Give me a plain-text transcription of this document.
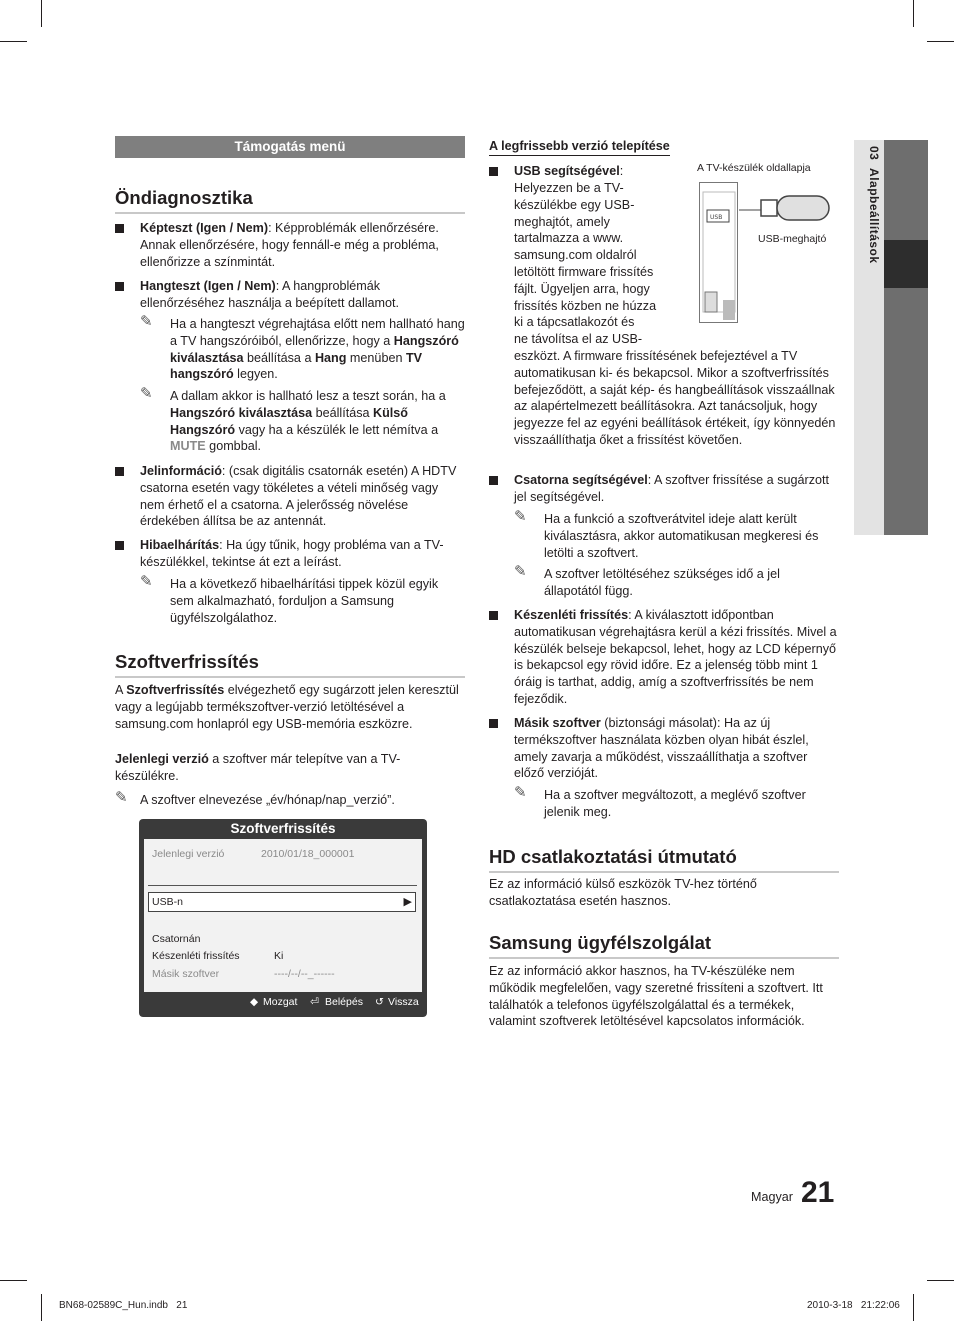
Támogatás menü
Öndiagnosztika
Képteszt (Igen / Nem): Képproblémák ellenőrzésére. Annak ellenőrzésére, hogy fennáll-e még a probléma, ellenőrizze a színmintát.
Hangteszt (Igen / Nem): A hangproblémák ellenőrzéséhez használja a beépített dallamot.
✎ Ha a hangteszt végrehajtása előtt nem hallható hang a TV hangszóróiból, ellenőrizze, hogy a Hangszóró kiválasztása beállítása a Hang menüben TV hangszóró legyen.
✎ A dallam akkor is hallható lesz a teszt során, ha a Hangszóró kiválasztása beállítása Külső Hangszóró vagy ha a készülék le lett némítva a MUTE gombbal.
Jelinformáció: (csak digitális csatornák esetén) A HDTV csatorna esetén vagy tökéletes a vételi minőség vagy nem érhető el a csatorna. A jelerősség növelése érdekében állítsa be az antennát.
Hibaelhárítás: Ha úgy tűnik, hogy probléma van a TV-készülékkel, tekintse át ezt a leírást.
✎ Ha a következő hibaelhárítási tippek közül egyik sem alkalmazható, forduljon a Samsung ügyfélszolgálathoz.
Szoftverfrissítés
A Szoftverfrissítés elvégezhető egy sugárzott jelen keresztül vagy a legújabb termékszoftver-verzió letöltésével a samsung.com honlapról egy USB-memória eszközre.
Jelenlegi verzió a szoftver már telepítve van a TV-készülékre.
✎ A szoftver elnevezése „év/hónap/nap_verzió”.
Szoftverfrissítés
Jelenlegi verzió	2010/01/18_000001
USB-n	▶
Csatornán
Készenléti frissítés	Ki
Másik szoftver	----/--/--_------
◆ Mozgat ⏎ Belépés ↺ Vissza
A legfrissebb verzió telepítése
USB segítségével:
Helyezzen be a TV-
készülékbe egy USB-
meghajtót, amely
tartalmazza a www.
samsung.com oldalról
letöltött firmware frissítés
fájlt. Ügyeljen arra, hogy
frissítés közben ne húzza
ki a tápcsatlakozót és
ne távolítsa el az USB-
eszközt. A firmware frissítésének befejeztével a TV automatikusan ki- és bekapcsol. Mikor a szoftverfrissítés befejeződött, a saját kép- és hangbeállítások visszaállnak az alapértelmezett beállításokra. Azt tanácsoljuk, hogy jegyezze fel az egyéni beállítások értékeit, így könnyedén visszaállíthatja őket a frissítést követően.
A TV-készülék oldallapja
USB
USB-meghajtó
Csatorna segítségével: A szoftver frissítése a sugárzott jel segítségével.
✎ Ha a funkció a szoftverátvitel ideje alatt került kiválasztásra, akkor automatikusan megkeresi és letölti a szoftvert.
✎ A szoftver letöltéséhez szükséges idő a jel állapotától függ.
Készenléti frissítés: A kiválasztott időpontban automatikusan végrehajtásra kerül a kézi frissítés. Mivel a készülék belseje bekapcsol, lehet, hogy az LCD képernyő is bekapcsol egy rövid időre. Ez a jelenség több mint 1 óráig is tarthat, addig, amíg a szoftverfrissítés be nem fejeződik.
Másik szoftver (biztonsági másolat): Ha az új termékszoftver használata közben olyan hibát észlel, amely zavarja a működést, visszaállíthatja a szoftver előző verzióját.
✎ Ha a szoftver megváltozott, a meglévő szoftver jelenik meg.
HD csatlakoztatási útmutató
Ez az információ külső eszközök TV-hez történő csatlakoztatása esetén hasznos.
Samsung ügyfélszolgálat
Ez az információ akkor hasznos, ha TV-készüléke nem működik megfelelően, vagy szeretné frissíteni a szoftvert. Itt találhatók a telefonos ügyfélszolgálattal és a termékek, valamint szoftverek letöltésével kapcsolatos információk.
03  Alapbeállítások
Magyar 21
BN68-02589C_Hun.indb   21	2010-3-18   21:22:06
